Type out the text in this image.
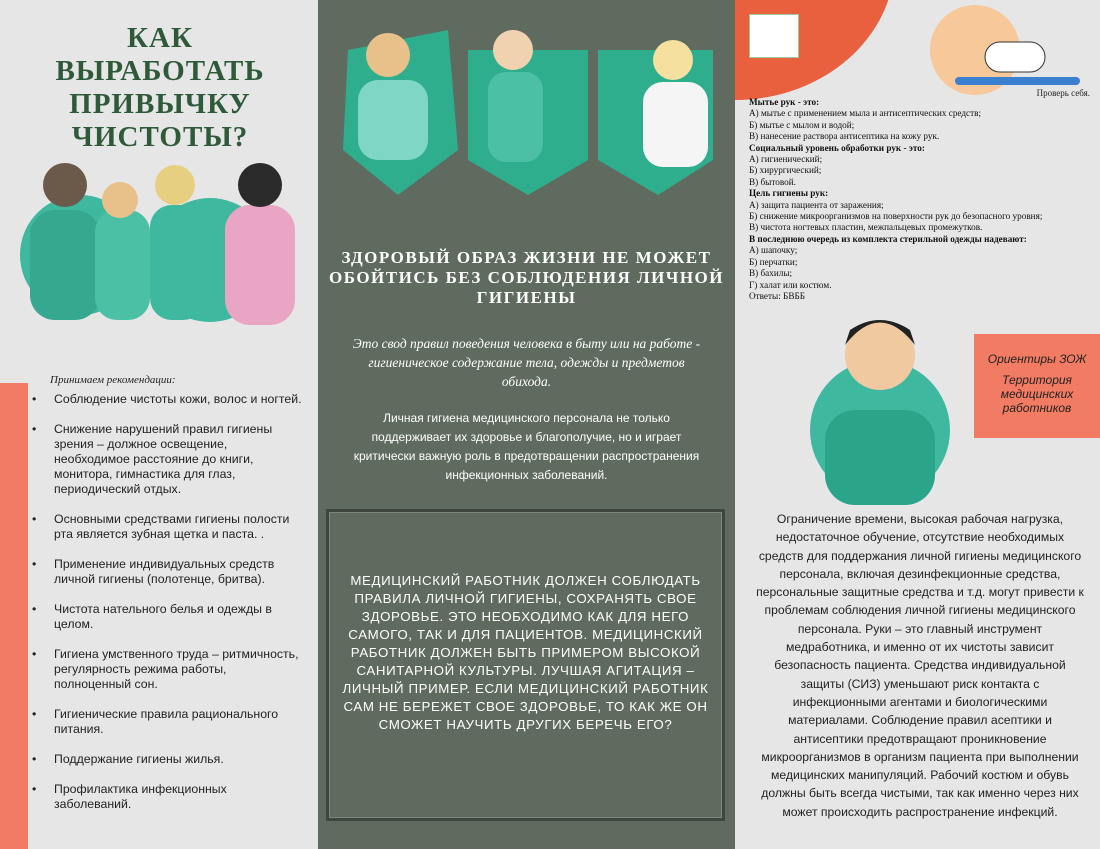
КАК ВЫРАБОТАТЬ ПРИВЫЧКУ ЧИСТОТЫ?
Принимаем рекомендации:
• Соблюдение чистоты кожи, волос и ногтей.
• Снижение нарушений правил гигиены зрения – должное освещение, необходимое расстояние до книги, монитора, гимнастика для глаз, периодический отдых.
• Основными средствами гигиены полости рта является зубная щетка и паста. .
• Применение индивидуальных средств личной гигиены (полотенце, бритва).
• Чистота нательного белья и одежды в целом.
• Гигиена умственного труда – ритмичность, регулярность режима работы, полноценный сон.
• Гигиенические правила рационального питания.
• Поддержание гигиены жилья.
• Профилактика инфекционных заболеваний.
ЗДОРОВЫЙ ОБРАЗ ЖИЗНИ НЕ МОЖЕТ ОБОЙТИСЬ БЕЗ СОБЛЮДЕНИЯ ЛИЧНОЙ ГИГИЕНЫ
Это свод правил поведения человека в быту или на работе - гигиеническое содержание тела, одежды и предметов обихода.
Личная гигиена медицинского персонала не только поддерживает их здоровье и благополучие, но и играет критически важную роль в предотвращении распространения инфекционных заболеваний.

МЕДИЦИНСКИЙ РАБОТНИК ДОЛЖЕН СОБЛЮДАТЬ ПРАВИЛА ЛИЧНОЙ ГИГИЕНЫ, СОХРАНЯТЬ СВОЕ ЗДОРОВЬЕ. ЭТО НЕОБХОДИМО КАК ДЛЯ НЕГО САМОГО, ТАК И ДЛЯ ПАЦИЕНТОВ. МЕДИЦИНСКИЙ РАБОТНИК ДОЛЖЕН БЫТЬ ПРИМЕРОМ ВЫСОКОЙ САНИТАРНОЙ КУЛЬТУРЫ. ЛУЧШАЯ АГИТАЦИЯ – ЛИЧНЫЙ ПРИМЕР. ЕСЛИ МЕДИЦИНСКИЙ РАБОТНИК САМ НЕ БЕРЕЖЕТ СВОЕ ЗДОРОВЬЕ, ТО КАК ЖЕ ОН СМОЖЕТ НАУЧИТЬ ДРУГИХ БЕРЕЧЬ ЕГО?

Проверь себя.
Мытье рук - это:
А) мытье с применением мыла и антисептических средств;
Б) мытье с мылом и водой;
В) нанесение раствора антисептика на кожу рук.
Социальный уровень обработки рук - это:
А) гигиенический;
Б) хирургический;
В) бытовой.
Цель гигиены рук:
А) защита пациента от заражения;
Б) снижение микроорганизмов на поверхности рук до безопасного уровня;
В) чистота ногтевых пластин, межпальцевых промежутков.
В последнюю очередь из комплекта стерильной одежды надевают:
А) шапочку;
Б) перчатки;
В) бахилы;
Г) халат или костюм.
Ответы: БВББ
Ориентиры ЗОЖ
Территория медицинских работников
Ограничение времени, высокая рабочая нагрузка, недостаточное обучение, отсутствие необходимых средств для поддержания личной гигиены медицинского персонала, включая дезинфекционные средства, персональные защитные средства и т.д. могут привести к проблемам соблюдения личной гигиены медицинского персонала. Руки – это главный инструмент медработника, и именно от их чистоты зависит безопасность пациента. Средства индивидуальной защиты (СИЗ) уменьшают риск контакта с инфекционными агентами и биологическими материалами. Соблюдение правил асептики и антисептики предотвращают проникновение микроорганизмов в организм пациента при выполнении медицинских манипуляций. Рабочий костюм и обувь должны быть всегда чистыми, так как именно через них может происходить распространение инфекций.
